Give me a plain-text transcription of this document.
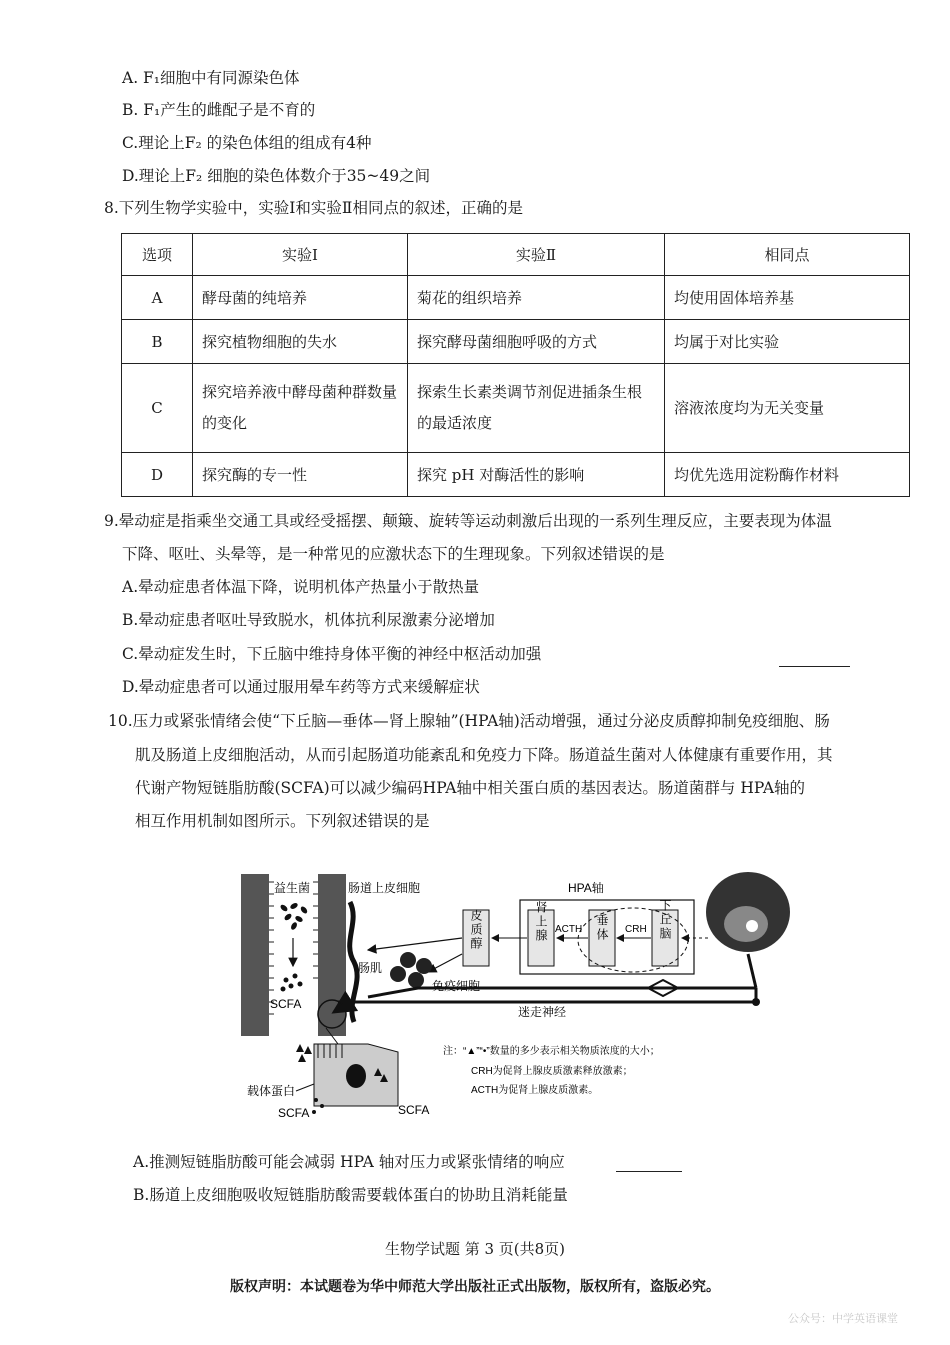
A. F₁细胞中有同源染色体
B. F₁产生的雌配子是不育的
C.理论上F₂ 的染色体组的组成有4种
D.理论上F₂ 细胞的染色体数介于35~49之间
8.下列生物学实验中，实验Ⅰ和实验Ⅱ相同点的叙述，正确的是
选项	实验Ⅰ	实验Ⅱ	相同点
A	酵母菌的纯培养	菊花的组织培养	均使用固体培养基
B	探究植物细胞的失水	探究酵母菌细胞呼吸的方式	均属于对比实验
C	探究培养液中酵母菌种群数量的变化	探索生长素类调节剂促进插条生根的最适浓度	溶液浓度均为无关变量
D	探究酶的专一性	探究 pH 对酶活性的影响	均优先选用淀粉酶作材料
9.晕动症是指乘坐交通工具或经受摇摆、颠簸、旋转等运动刺激后出现的一系列生理反应，主要表现为体温
下降、呕吐、头晕等，是一种常见的应激状态下的生理现象。下列叙述错误的是
A.晕动症患者体温下降，说明机体产热量小于散热量
B.晕动症患者呕吐导致脱水，机体抗利尿激素分泌增加
C.晕动症发生时，下丘脑中维持身体平衡的神经中枢活动加强
D.晕动症患者可以通过服用晕车药等方式来缓解症状
10.压力或紧张情绪会使“下丘脑—垂体—肾上腺轴”(HPA轴)活动增强，通过分泌皮质醇抑制免疫细胞、肠
肌及肠道上皮细胞活动，从而引起肠道功能紊乱和免疫力下降。肠道益生菌对人体健康有重要作用，其
代谢产物短链脂肪酸(SCFA)可以减少编码HPA轴中相关蛋白质的基因表达。肠道菌群与 HPA轴的
相互作用机制如图所示。下列叙述错误的是
益生菌
SCFA
肠道上皮细胞
肠肌
HPA轴
皮质醇	肾上腺	垂体	下丘脑
ACTH	CRH
免疫细胞
迷走神经
载体蛋白
SCFA	SCFA
注：“▲”“•”数量的多少表示相关物质浓度的大小；
CRH为促肾上腺皮质激素释放激素；
ACTH为促肾上腺皮质激素。
A.推测短链脂肪酸可能会减弱 HPA 轴对压力或紧张情绪的响应
B.肠道上皮细胞吸收短链脂肪酸需要载体蛋白的协助且消耗能量
生物学试题 第 3 页(共8页)
版权声明：本试题卷为华中师范大学出版社正式出版物，版权所有，盗版必究。
公众号：中学英语课堂
